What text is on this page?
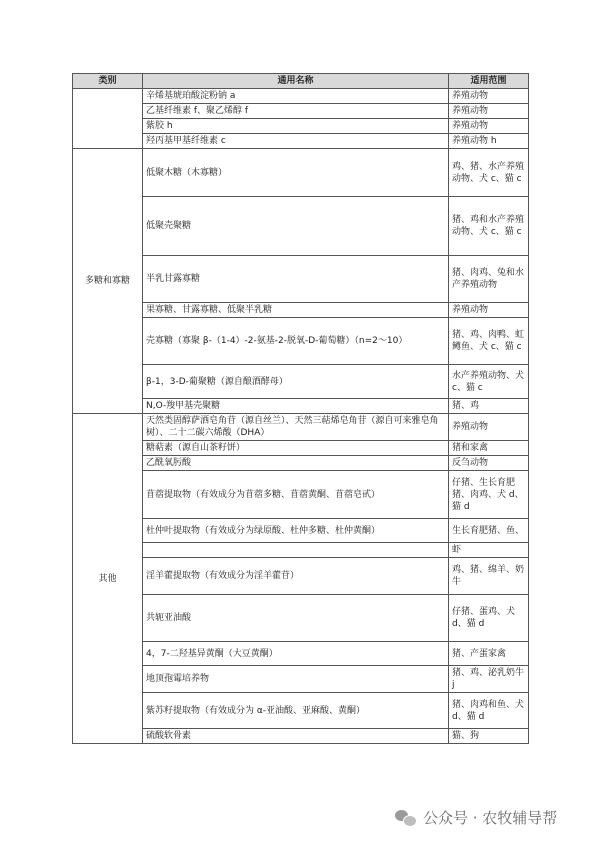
类别	通用名称	适用范围
	辛烯基琥珀酸淀粉钠 a	养殖动物
	乙基纤维素 f、聚乙烯醇 f	养殖动物
	紫胶 h	养殖动物
	羟丙基甲基纤维素 c	养殖动物 h
多糖和寡糖	低聚木糖（木寡糖）	鸡、猪、水产养殖动物、犬 c、猫 c
	低聚壳聚糖	猪、鸡和水产养殖动物、犬 c、猫 c
	半乳甘露寡糖	猪、肉鸡、兔和水产养殖动物
	果寡糖、甘露寡糖、低聚半乳糖	养殖动物
	壳寡糖（寡聚 β-（1-4）-2-氨基-2-脱氧-D-葡萄糖）（n=2～10）	猪、鸡、肉鸭、虹鳟鱼、犬 c、猫 c
	β-1，3-D-葡聚糖（源自酿酒酵母）	水产养殖动物、犬 c、猫 c
	N,O-羧甲基壳聚糖	猪、鸡
其他	天然类固醇萨洒皂角苷（源自丝兰）、天然三萜烯皂角苷（源自可来雅皂角树）、二十二碳六烯酸（DHA）	养殖动物
	糖萜素（源自山茶籽饼）	猪和家禽
	乙酰氧肟酸	反刍动物
	苜蓿提取物（有效成分为苜蓿多糖、苜蓿黄酮、苜蓿皂甙）	仔猪、生长育肥猪、肉鸡、犬 d、猫 d
	杜仲叶提取物（有效成分为绿原酸、杜仲多糖、杜仲黄酮）	生长育肥猪、鱼、
		虾
	淫羊藿提取物（有效成分为淫羊藿苷）	鸡、猪、绵羊、奶牛
	共轭亚油酸	仔猪、蛋鸡、犬 d、猫 d
	4，7-二羟基异黄酮（大豆黄酮）	猪、产蛋家禽
	地顶孢霉培养物	猪、鸡、泌乳奶牛 j
	紫苏籽提取物（有效成分为 α-亚油酸、亚麻酸、黄酮）	猪、肉鸡和鱼、犬 d、猫 d
	硫酸软骨素	猫、狗
公众号 · 农牧辅导帮
